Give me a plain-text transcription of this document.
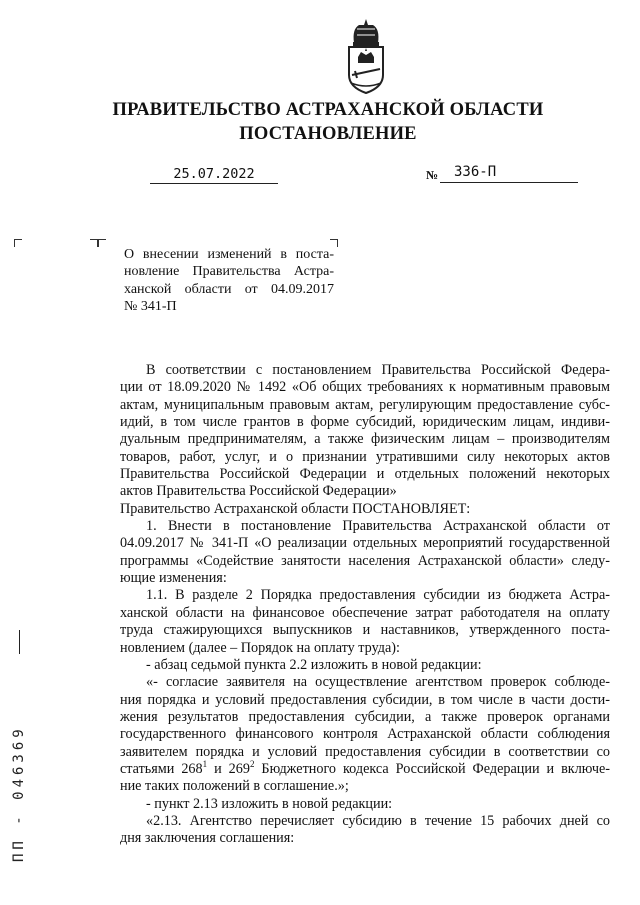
ПРАВИТЕЛЬСТВО АСТРАХАНСКОЙ ОБЛАСТИ
ПОСТАНОВЛЕНИЕ
25.07.2022	№ 336-П
О внесении изменений в поста-
новление Правительства Астра-
ханской области от 04.09.2017
№ 341-П
В соответствии с постановлением Правительства Российской Федера-
ции от 18.09.2020 № 1492 «Об общих требованиях к нормативным правовым
актам, муниципальным правовым актам, регулирующим предоставление субс-
идий, в том числе грантов в форме субсидий, юридическим лицам, индиви-
дуальным предпринимателям, а также физическим лицам – производителям
товаров, работ, услуг, и о признании утратившими силу некоторых актов
Правительства Российской Федерации и отдельных положений некоторых
актов Правительства Российской Федерации»
Правительство Астраханской области ПОСТАНОВЛЯЕТ:
1. Внести в постановление Правительства Астраханской области от
04.09.2017 № 341-П «О реализации отдельных мероприятий государственной
программы «Содействие занятости населения Астраханской области» следу-
ющие изменения:
1.1. В разделе 2 Порядка предоставления субсидии из бюджета Астра-
ханской области на финансовое обеспечение затрат работодателя на оплату
труда стажирующихся выпускников и наставников, утвержденного поста-
новлением (далее – Порядок на оплату труда):
- абзац седьмой пункта 2.2 изложить в новой редакции:
«- согласие заявителя на осуществление агентством проверок соблюде-
ния порядка и условий предоставления субсидии, в том числе в части дости-
жения результатов предоставления субсидии, а также проверок органами
государственного финансового контроля Астраханской области соблюдения
заявителем порядка и условий предоставления субсидии в соответствии со
статьями $268^1$ и $269^2$ Бюджетного кодекса Российской Федерации и включе-
ние таких положений в соглашение.»;
- пункт 2.13 изложить в новой редакции:
«2.13. Агентство перечисляет субсидию в течение 15 рабочих дней со
дня заключения соглашения:
ПП - 046369
